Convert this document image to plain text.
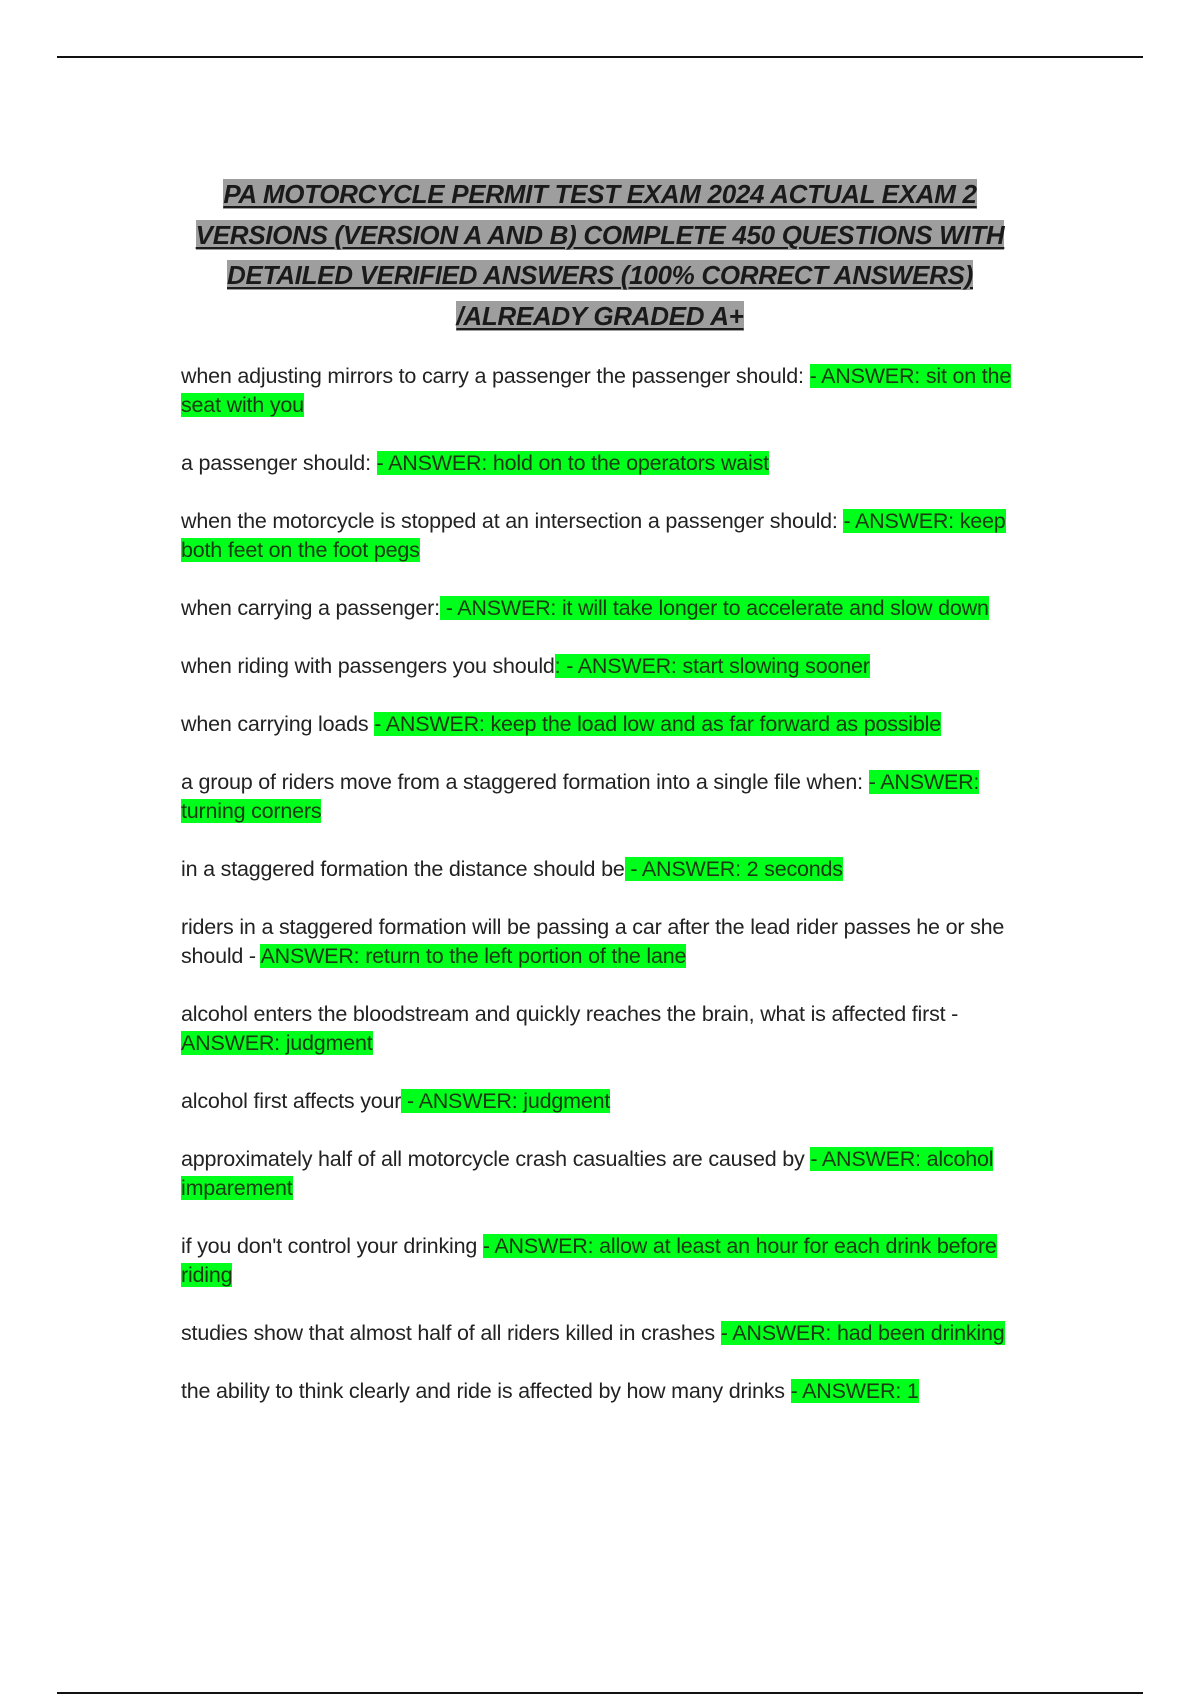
PA MOTORCYCLE PERMIT TEST EXAM 2024 ACTUAL EXAM 2 VERSIONS (VERSION A AND B) COMPLETE 450 QUESTIONS WITH DETAILED VERIFIED ANSWERS (100% CORRECT ANSWERS) /ALREADY GRADED A+

when adjusting mirrors to carry a passenger the passenger should: - ANSWER: sit on the seat with you

a passenger should: - ANSWER: hold on to the operators waist

when the motorcycle is stopped at an intersection a passenger should: - ANSWER: keep both feet on the foot pegs

when carrying a passenger: - ANSWER: it will take longer to accelerate and slow down

when riding with passengers you should: - ANSWER: start slowing sooner

when carrying loads - ANSWER: keep the load low and as far forward as possible

a group of riders move from a staggered formation into a single file when: - ANSWER: turning corners

in a staggered formation the distance should be - ANSWER: 2 seconds

riders in a staggered formation will be passing a car after the lead rider passes he or she should - ANSWER: return to the left portion of the lane

alcohol enters the bloodstream and quickly reaches the brain, what is affected first - ANSWER: judgment

alcohol first affects your - ANSWER: judgment

approximately half of all motorcycle crash casualties are caused by - ANSWER: alcohol imparement

if you don't control your drinking - ANSWER: allow at least an hour for each drink before riding

studies show that almost half of all riders killed in crashes - ANSWER: had been drinking

the ability to think clearly and ride is affected by how many drinks - ANSWER: 1
